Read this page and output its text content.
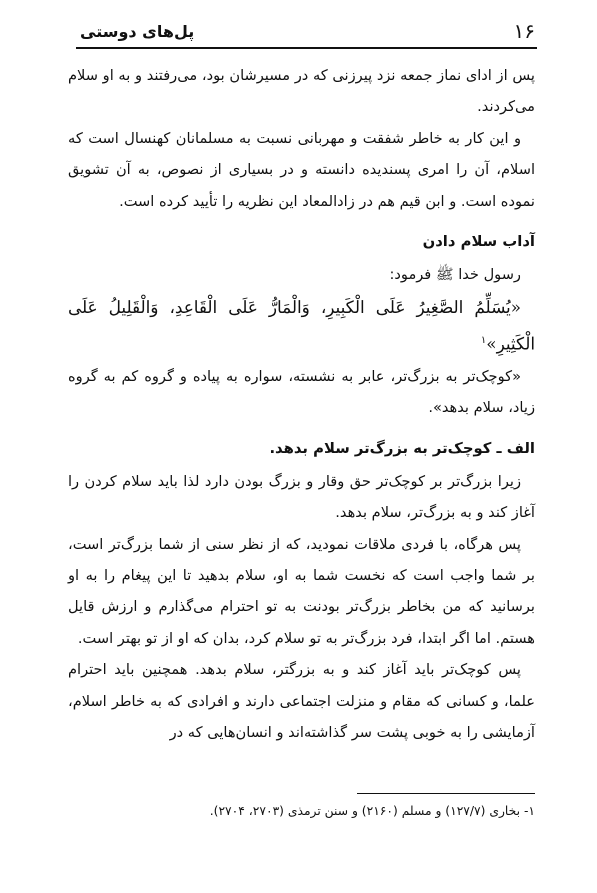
۱۶
پل‌های دوستی

پس از ادای نماز جمعه نزد پیرزنی که در مسیرشان بود، می‌رفتند و به او سلام می‌کردند.

و این کار به خاطر شفقت و مهربانی نسبت به مسلمانان کهنسال است که اسلام، آن را امری پسندیده دانسته و در بسیاری از نصوص، به آن تشویق نموده است. و ابن قیم هم در زادالمعاد این نظریه را تأیید کرده است.

آداب سلام دادن

رسول خدا ﷺ فرمود:

«يُسَلِّمُ الصَّغِيرُ عَلَى الْكَبِيرِ، وَالْمَارُّ عَلَى الْقَاعِدِ، وَالْقَلِيلُ عَلَى الْكَثِيرِ»$^۱$

«کوچک‌تر به بزرگ‌تر، عابر به نشسته، سواره به پیاده و گروه کم به گروه زیاد، سلام بدهد».

الف ـ کوچک‌تر به بزرگ‌تر سلام بدهد.

زیرا بزرگ‌تر بر کوچک‌تر حق وقار و بزرگ بودن دارد لذا باید سلام کردن را آغاز کند و به بزرگ‌تر، سلام بدهد.

پس هرگاه، با فردی ملاقات نمودید، که از نظر سنی از شما بزرگ‌تر است، بر شما واجب است که نخست شما به او، سلام بدهید تا این پیغام را به او برسانید که من بخاطر بزرگ‌تر بودنت به تو احترام می‌گذارم و ارزش قایل هستم. اما اگر ابتدا، فرد بزرگ‌تر به تو سلام کرد، بدان که او از تو بهتر است.

پس کوچک‌تر باید آغاز کند و به بزرگتر، سلام بدهد. همچنین باید احترام علما، و کسانی که مقام و منزلت اجتماعی دارند و افرادی که به خاطر اسلام، آزمایشی را به خوبی پشت سر گذاشته‌اند و انسان‌هایی که در

۱- بخاری (۱۲۷/۷) و مسلم (۲۱۶۰) و سنن ترمذی (۲۷۰۳، ۲۷۰۴).
